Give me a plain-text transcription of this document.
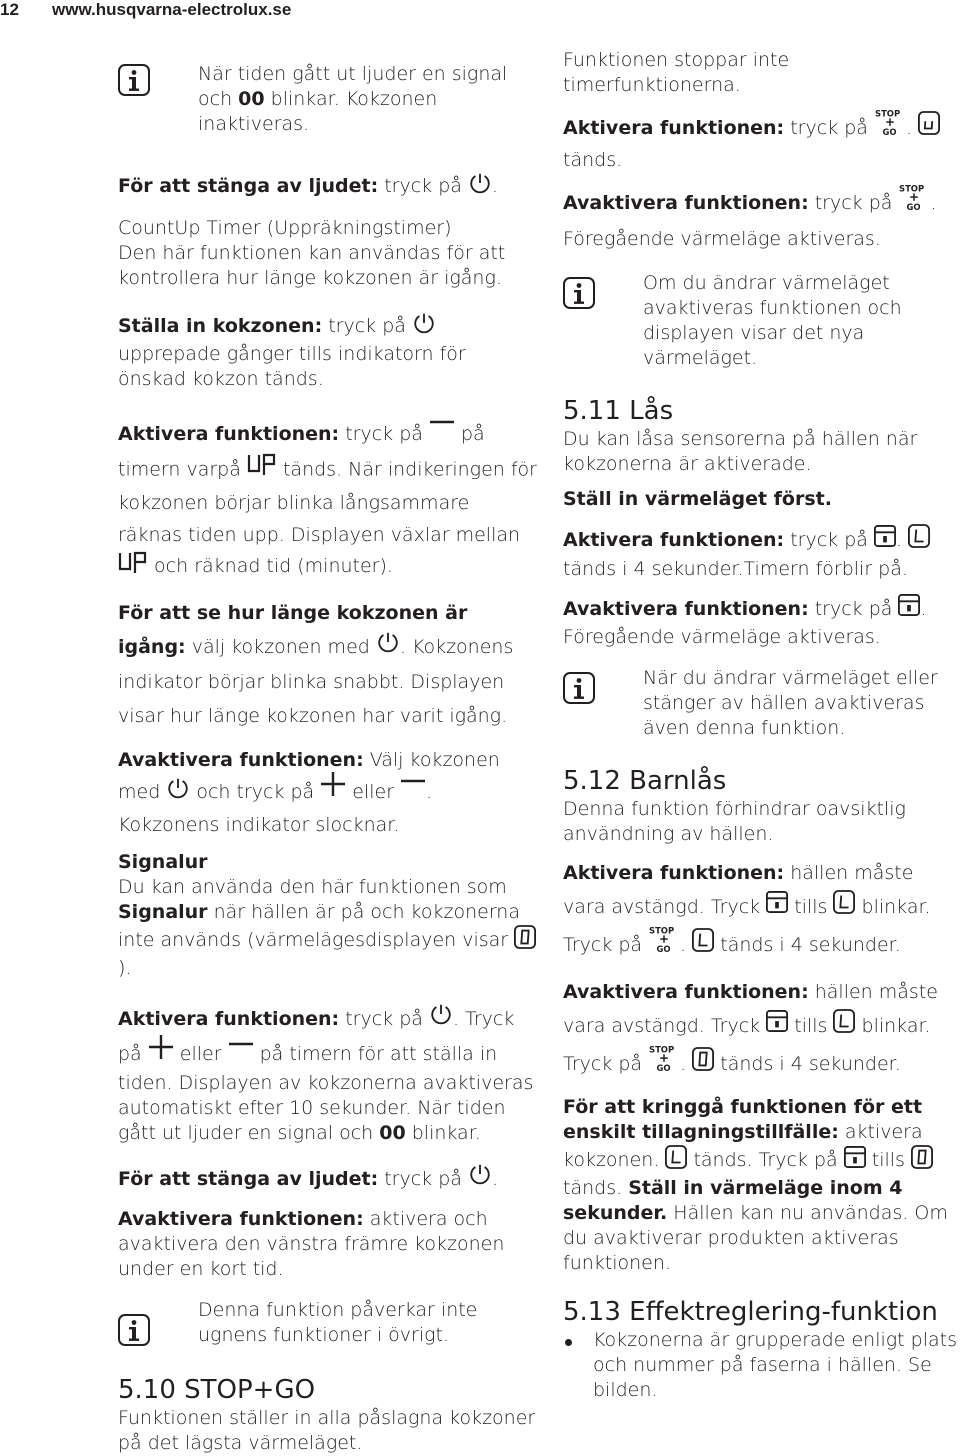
12 www.husqvarna-electrolux.se

När tiden gått ut ljuder en signal och 00 blinkar. Kokzonen inaktiveras.

För att stänga av ljudet: tryck på .

CountUp Timer (Uppräkningstimer)
Den här funktionen kan användas för att kontrollera hur länge kokzonen är igång.

Ställa in kokzonen: tryck på  upprepade gånger tills indikatorn för önskad kokzon tänds.

Aktivera funktionen: tryck på  på
timern varpå  tänds. När indikeringen för kokzonen börjar blinka långsammare räknas tiden upp. Displayen växlar mellan
och räknad tid (minuter).

För att se hur länge kokzonen är igång: välj kokzonen med . Kokzonens indikator börjar blinka snabbt. Displayen visar hur länge kokzonen har varit igång.

Avaktivera funktionen: Välj kokzonen med  och tryck på  eller . Kokzonens indikator slocknar.

Signalur
Du kan använda den här funktionen som Signalur när hällen är på och kokzonerna inte används (värmelägesdisplayen visar ).

Aktivera funktionen: tryck på . Tryck
på  eller  på timern för att ställa in tiden. Displayen av kokzonerna avaktiveras automatiskt efter 10 sekunder. När tiden gått ut ljuder en signal och 00 blinkar.

För att stänga av ljudet: tryck på .

Avaktivera funktionen: aktivera och avaktivera den vänstra främre kokzonen under en kort tid.

Denna funktion påverkar inte ugnens funktioner i övrigt.

5.10 STOP+GO

Funktionen ställer in alla påslagna kokzoner på det lägsta värmeläget.

Funktionen stoppar inte timerfunktionerna.

Aktivera funktionen: tryck på
STOP
GO .
tänds.

Avaktivera funktionen: tryck på
STOP
GO . Föregående värmeläge aktiveras.

Om du ändrar värmeläget avaktiveras funktionen och displayen visar det nya värmeläget.

5.11 Lås

Du kan låsa sensorerna på hällen när kokzonerna är aktiverade.

Ställ in värmeläget först.

Aktivera funktionen: tryck på .  tänds i 4 sekunder.Timern förblir på.

Avaktivera funktionen: tryck på . Föregående värmeläge aktiveras.

När du ändrar värmeläget eller stänger av hällen avaktiveras även denna funktion.

5.12 Barnlås

Denna funktion förhindrar oavsiktlig användning av hällen.

Aktivera funktionen: hällen måste vara avstängd. Tryck  tills  blinkar. Tryck på
STOP
GO .  tänds i 4 sekunder.

Avaktivera funktionen: hällen måste vara avstängd. Tryck  tills  blinkar. Tryck på
STOP
GO .  tänds i 4 sekunder.

För att kringgå funktionen för ett enskilt tillagningstillfälle: aktivera kokzonen.  tänds. Tryck på  tills  tänds. Ställ in värmeläge inom 4 sekunder. Hällen kan nu användas. Om du avaktiverar produkten aktiveras funktionen.

5.13 Effektreglering-funktion

Kokzonerna är grupperade enligt plats och nummer på faserna i hällen. Se bilden.
